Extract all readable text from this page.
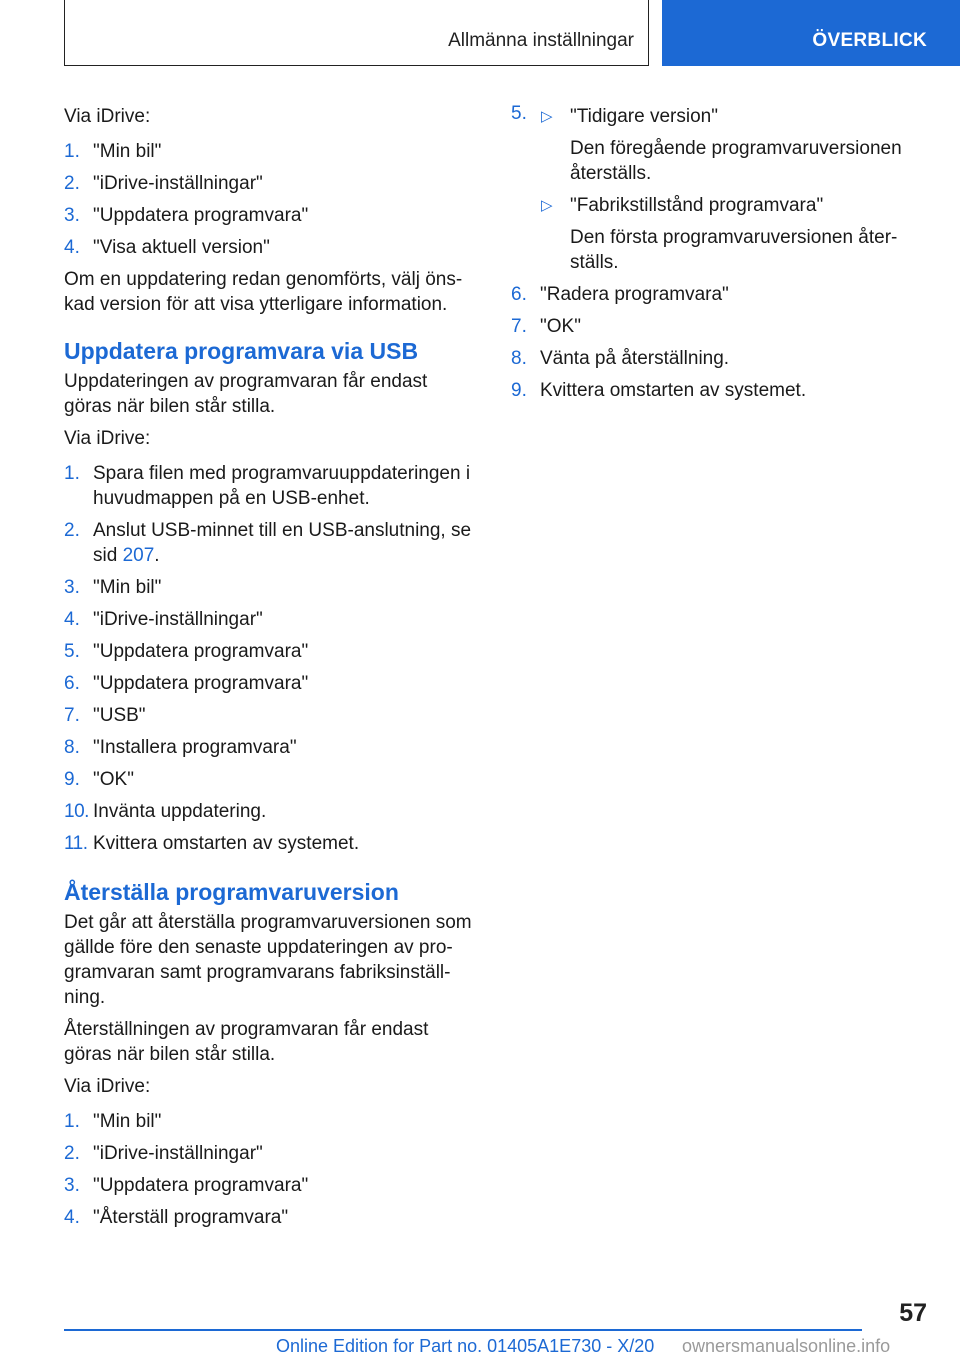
Allmänna inställningar	ÖVERBLICK

Via iDrive:

1. "Min bil"
2. "iDrive-inställningar"
3. "Uppdatera programvara"
4. "Visa aktuell version"

Om en uppdatering redan genomförts, välj önskad version för att visa ytterligare information.

Uppdatera programvara via USB

Uppdateringen av programvaran får endast göras när bilen står stilla.

Via iDrive:

1. Spara filen med programvaruuppdateringen i huvudmappen på en USB-enhet.
2. Anslut USB-minnet till en USB-anslutning, se sid 207.
3. "Min bil"
4. "iDrive-inställningar"
5. "Uppdatera programvara"
6. "Uppdatera programvara"
7. "USB"
8. "Installera programvara"
9. "OK"
10. Invänta uppdatering.
11. Kvittera omstarten av systemet.
Återställa programvaruversion

Det går att återställa programvaruversionen som gällde före den senaste uppdateringen av programvaran samt programvarans fabriksinställning.

Återställningen av programvaran får endast göras när bilen står stilla.

Via iDrive:

1. "Min bil"
2. "iDrive-inställningar"
3. "Uppdatera programvara"
4. "Återställ programvara"
5. ▷ "Tidigare version"
Den föregående programvaruversionen återställs.
▷ "Fabrikstillstånd programvara"
Den första programvaruversionen återställs.
6. "Radera programvara"
7. "OK"
8. Vänta på återställning.
9. Kvittera omstarten av systemet.
57
Online Edition for Part no. 01405A1E730 - X/20 ownersmanualsonline.info
